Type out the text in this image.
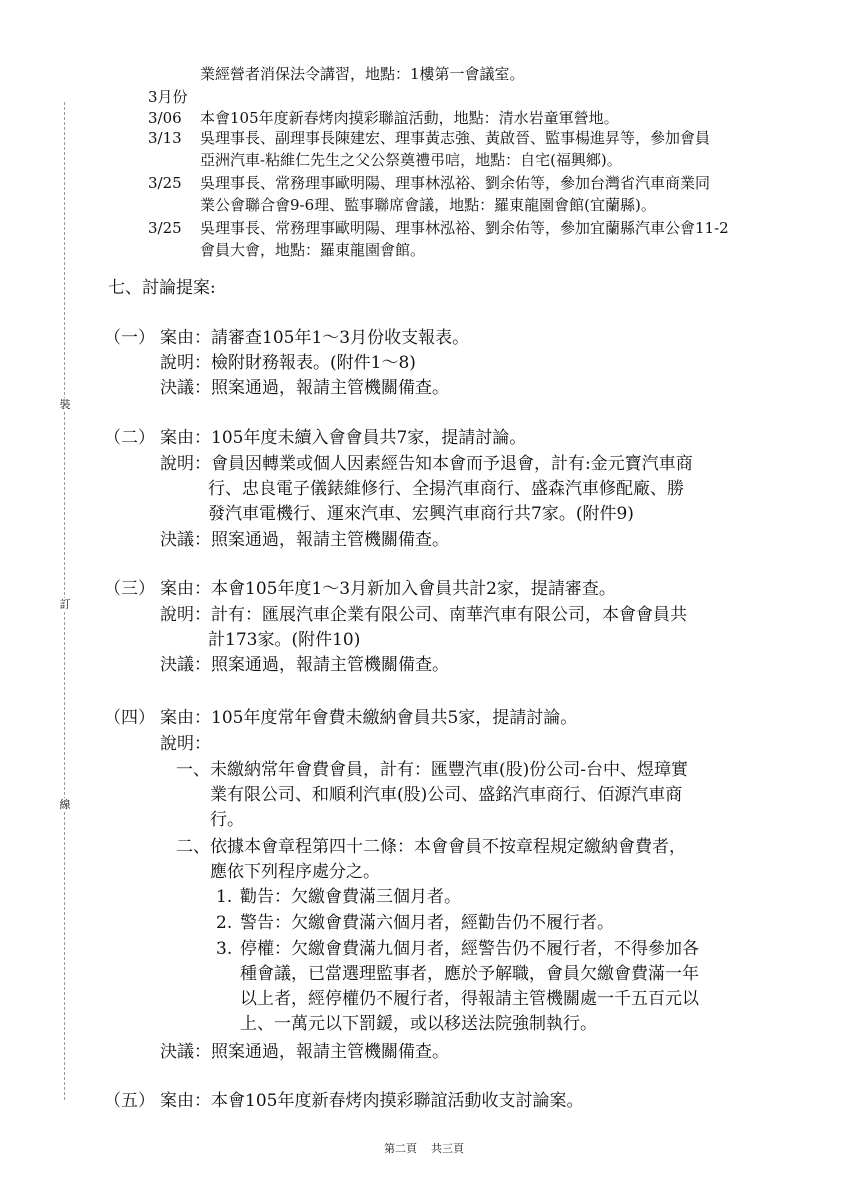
裝
訂
線
業經營者消保法令講習，地點：1樓第一會議室。
3月份
3/06 本會105年度新春烤肉摸彩聯誼活動，地點：清水岩童軍營地。
3/13 吳理事長、副理事長陳建宏、理事黃志強、黃啟晉、監事楊進昇等，參加會員
亞洲汽車-粘維仁先生之父公祭奠禮弔唁，地點：自宅(福興鄉)。
3/25 吳理事長、常務理事歐明陽、理事林泓裕、劉余佑等，參加台灣省汽車商業同
業公會聯合會9-6理、監事聯席會議，地點：羅東龍園會館(宜蘭縣)。
3/25 吳理事長、常務理事歐明陽、理事林泓裕、劉余佑等，參加宜蘭縣汽車公會11-2
會員大會，地點：羅東龍園會館。
七、討論提案:
（一） 案由：請審查105年1～3月份收支報表。
說明：檢附財務報表。(附件1～8)
決議：照案通過，報請主管機關備查。
（二） 案由：105年度未續入會會員共7家，提請討論。
說明：會員因轉業或個人因素經告知本會而予退會，計有:金元寶汽車商
行、忠良電子儀錶維修行、全揚汽車商行、盛森汽車修配廠、勝
發汽車電機行、運來汽車、宏興汽車商行共7家。(附件9)
決議：照案通過，報請主管機關備查。
（三） 案由：本會105年度1～3月新加入會員共計2家，提請審查。
說明：計有：匯展汽車企業有限公司、南華汽車有限公司，本會會員共
計173家。(附件10)
決議：照案通過，報請主管機關備查。
（四） 案由：105年度常年會費未繳納會員共5家，提請討論。
說明：
一、 未繳納常年會費會員，計有：匯豐汽車(股)份公司-台中、煜璋實
業有限公司、和順利汽車(股)公司、盛銘汽車商行、佰源汽車商
行。
二、 依據本會章程第四十二條：本會會員不按章程規定繳納會費者，
應依下列程序處分之。
1. 勸告：欠繳會費滿三個月者。
2. 警告：欠繳會費滿六個月者，經勸告仍不履行者。
3. 停權：欠繳會費滿九個月者，經警告仍不履行者，不得參加各
種會議，已當選理監事者，應於予解職，會員欠繳會費滿一年
以上者，經停權仍不履行者，得報請主管機關處一千五百元以
上、一萬元以下罰鍰，或以移送法院強制執行。
決議：照案通過，報請主管機關備查。
（五） 案由：本會105年度新春烤肉摸彩聯誼活動收支討論案。
第二頁 共三頁
